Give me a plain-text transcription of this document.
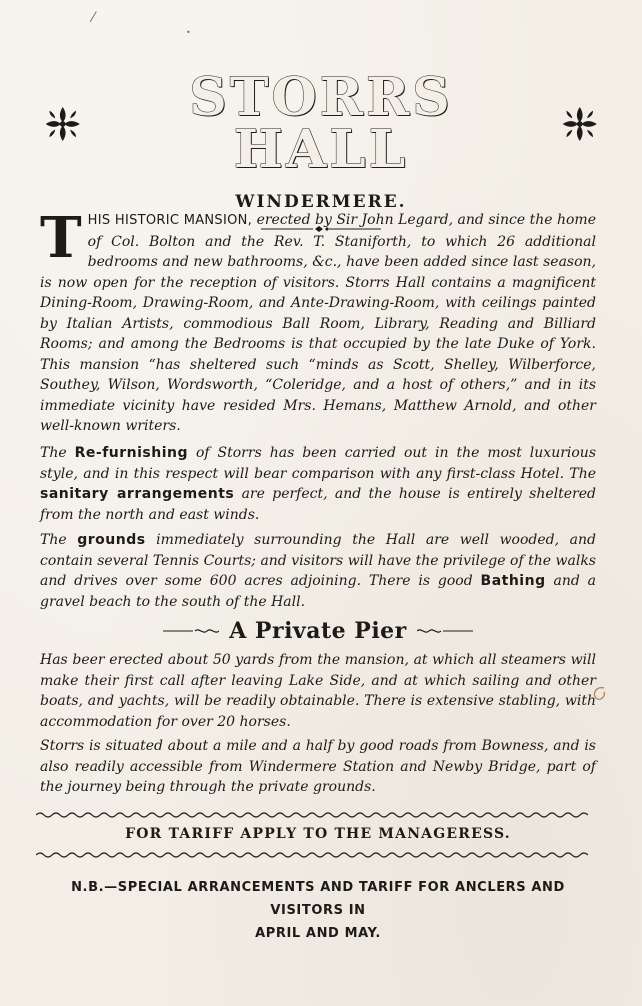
⁄
•
STORRS HALL
WINDERMERE.
T HIS HISTORIC MANSION, erected by Sir John Legard, and since the home of Col. Bolton and the Rev. T. Staniforth, to which 26 additional bedrooms and new bathrooms, &c., have been added since last season, is now open for the reception of visitors. Storrs Hall contains a magnificent Dining-Room, Drawing-Room, and Ante-Drawing-Room, with ceilings painted by Italian Artists, commodious Ball Room, Library, Reading and Billiard Rooms; and among the Bedrooms is that occupied by the late Duke of York. This mansion “has sheltered such “minds as Scott, Shelley, Wilberforce, Southey, Wilson, Wordsworth, “Coleridge, and a host of others,” and in its immediate vicinity have resided Mrs. Hemans, Matthew Arnold, and other well-known writers.
The Re-furnishing of Storrs has been carried out in the most luxurious style, and in this respect will bear comparison with any first-class Hotel. The sanitary arrangements are perfect, and the house is entirely sheltered from the north and east winds.
The grounds immediately surrounding the Hall are well wooded, and contain several Tennis Courts; and visitors will have the privilege of the walks and drives over some 600 acres adjoining. There is good Bathing and a gravel beach to the south of the Hall.
A Private Pier
Has beer erected about 50 yards from the mansion, at which all steamers will make their first call after leaving Lake Side, and at which sailing and other boats, and yachts, will be readily obtainable. There is extensive stabling, with accommodation for over 20 horses.
Storrs is situated about a mile and a half by good roads from Bowness, and is also readily accessible from Windermere Station and Newby Bridge, part of the journey being through the private grounds.
FOR TARIFF APPLY TO THE MANAGERESS.
N.B.—SPECIAL ARRANCEMENTS AND TARIFF FOR ANCLERS AND VISITORS IN
APRIL AND MAY.
